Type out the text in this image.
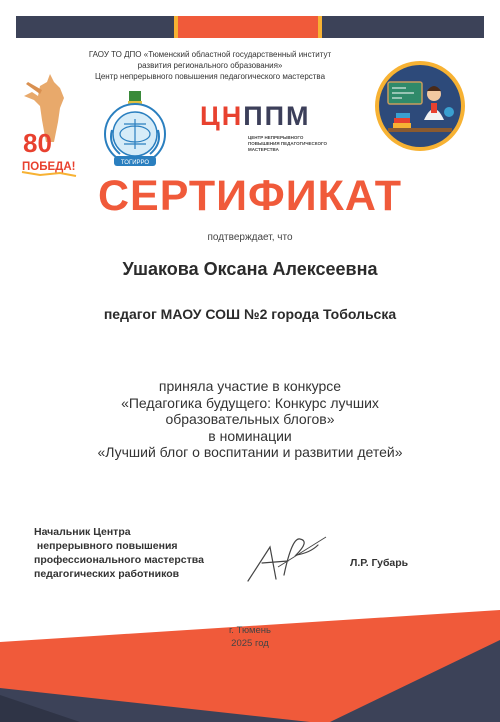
ГАОУ ТО ДПО «Тюменский областной государственный институт
развития регионального образования»
Центр непрерывного повышения педагогического мастерства
80
ПОБЕДА!	ТОГИРРО
ЦНППМ
ЦЕНТР НЕПРЕРЫВНОГО ПОВЫШЕНИЯ ПЕДАГОГИЧЕСКОГО МАСТЕРСТВА
СЕРТИФИКАТ
подтверждает, что
Ушакова Оксана Алексеевна
педагог МАОУ СОШ №2 города Тобольска
приняла участие в конкурсе
«Педагогика будущего: Конкурс лучших
образовательных блогов»
в номинации
«Лучший блог о воспитании и развитии детей»
Начальник Центра
непрерывного повышения
профессионального мастерства
педагогических работников
Л.Р. Губарь
г. Тюмень
2025 год
